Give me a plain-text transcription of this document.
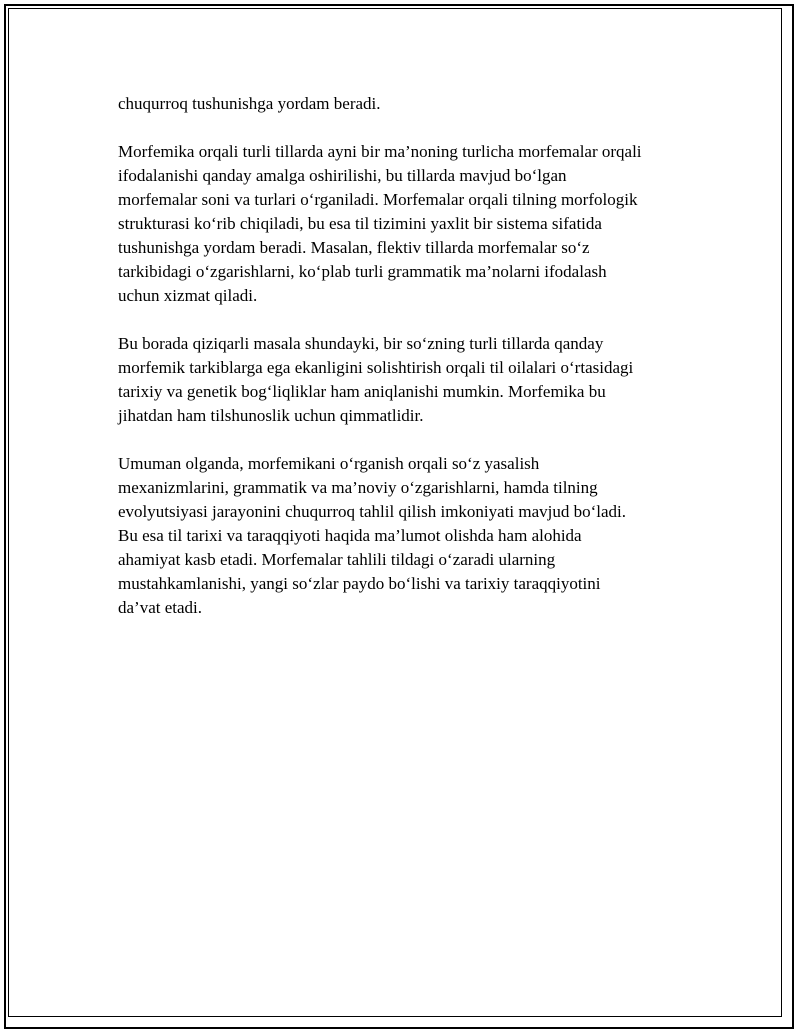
chuqurroq tushunishga yordam beradi.

Morfemika orqali turli tillarda ayni bir ma’noning turlicha morfemalar orqali
ifodalanishi qanday amalga oshirilishi, bu tillarda mavjud bo‘lgan
morfemalar soni va turlari o‘rganiladi. Morfemalar orqali tilning morfologik
strukturasi ko‘rib chiqiladi, bu esa til tizimini yaxlit bir sistema sifatida
tushunishga yordam beradi. Masalan, flektiv tillarda morfemalar so‘z
tarkibidagi o‘zgarishlarni, ko‘plab turli grammatik ma’nolarni ifodalash
uchun xizmat qiladi.

Bu borada qiziqarli masala shundayki, bir so‘zning turli tillarda qanday
morfemik tarkiblarga ega ekanligini solishtirish orqali til oilalari o‘rtasidagi
tarixiy va genetik bog‘liqliklar ham aniqlanishi mumkin. Morfemika bu
jihatdan ham tilshunoslik uchun qimmatlidir.

Umuman olganda, morfemikani o‘rganish orqali so‘z yasalish
mexanizmlarini, grammatik va ma’noviy o‘zgarishlarni, hamda tilning
evolyutsiyasi jarayonini chuqurroq tahlil qilish imkoniyati mavjud bo‘ladi.
Bu esa til tarixi va taraqqiyoti haqida ma’lumot olishda ham alohida
ahamiyat kasb etadi. Morfemalar tahlili tildagi o‘zaradi ularning
mustahkamlanishi, yangi so‘zlar paydo bo‘lishi va tarixiy taraqqiyotini
da’vat etadi.
